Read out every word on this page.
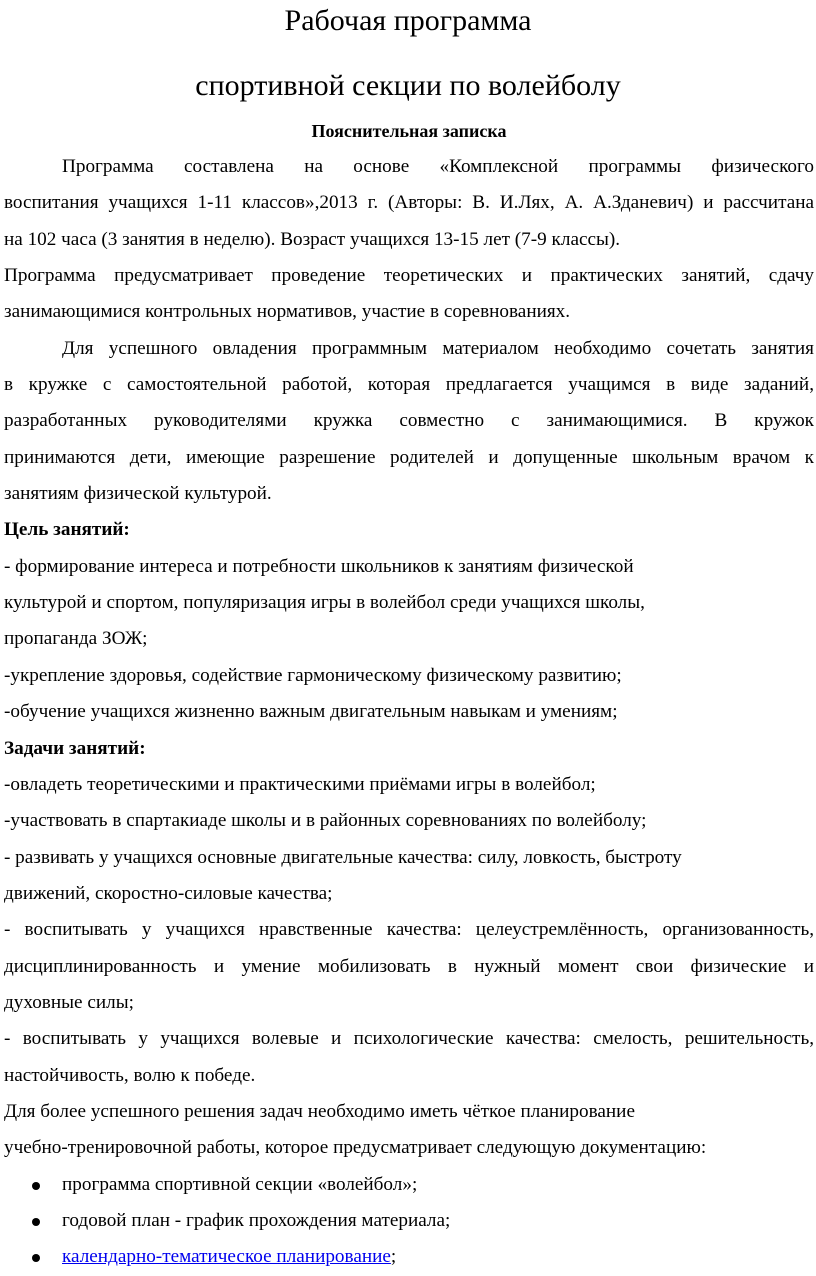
Рабочая программа
спортивной секции по волейболу
Пояснительная записка
Программа составлена на основе «Комплексной программы физического
воспитания учащихся 1-11 классов»,2013 г. (Авторы: В. И.Лях, А. А.Зданевич) и рассчитана
на 102 часа (3 занятия в неделю). Возраст учащихся 13-15 лет (7-9 классы).
Программа предусматривает проведение теоретических и практических занятий, сдачу
занимающимися контрольных нормативов, участие в соревнованиях.
Для успешного овладения программным материалом необходимо сочетать занятия
в кружке с самостоятельной работой, которая предлагается учащимся в виде заданий,
разработанных руководителями кружка совместно с занимающимися. В кружок
принимаются дети, имеющие разрешение родителей и допущенные школьным врачом к
занятиям физической культурой.
Цель занятий:
- формирование интереса и потребности школьников к занятиям физической
культурой и спортом, популяризация игры в волейбол среди учащихся школы,
пропаганда ЗОЖ;
-укрепление здоровья, содействие гармоническому физическому развитию;
-обучение учащихся жизненно важным двигательным навыкам и умениям;
Задачи занятий:
-овладеть теоретическими и практическими приёмами игры в волейбол;
-участвовать в спартакиаде школы и в районных соревнованиях по волейболу;
- развивать у учащихся основные двигательные качества: силу, ловкость, быстроту
движений, скоростно-силовые качества;
- воспитывать у учащихся нравственные качества: целеустремлённость, организованность,
дисциплинированность и умение мобилизовать в нужный момент свои физические и
духовные силы;
- воспитывать у учащихся волевые и психологические качества: смелость, решительность,
настойчивость, волю к победе.
Для более успешного решения задач необходимо иметь чёткое планирование
учебно-тренировочной работы, которое предусматривает следующую документацию:
программа спортивной секции «волейбол»;
годовой план - график прохождения материала;
календарно-тематическое планирование;
